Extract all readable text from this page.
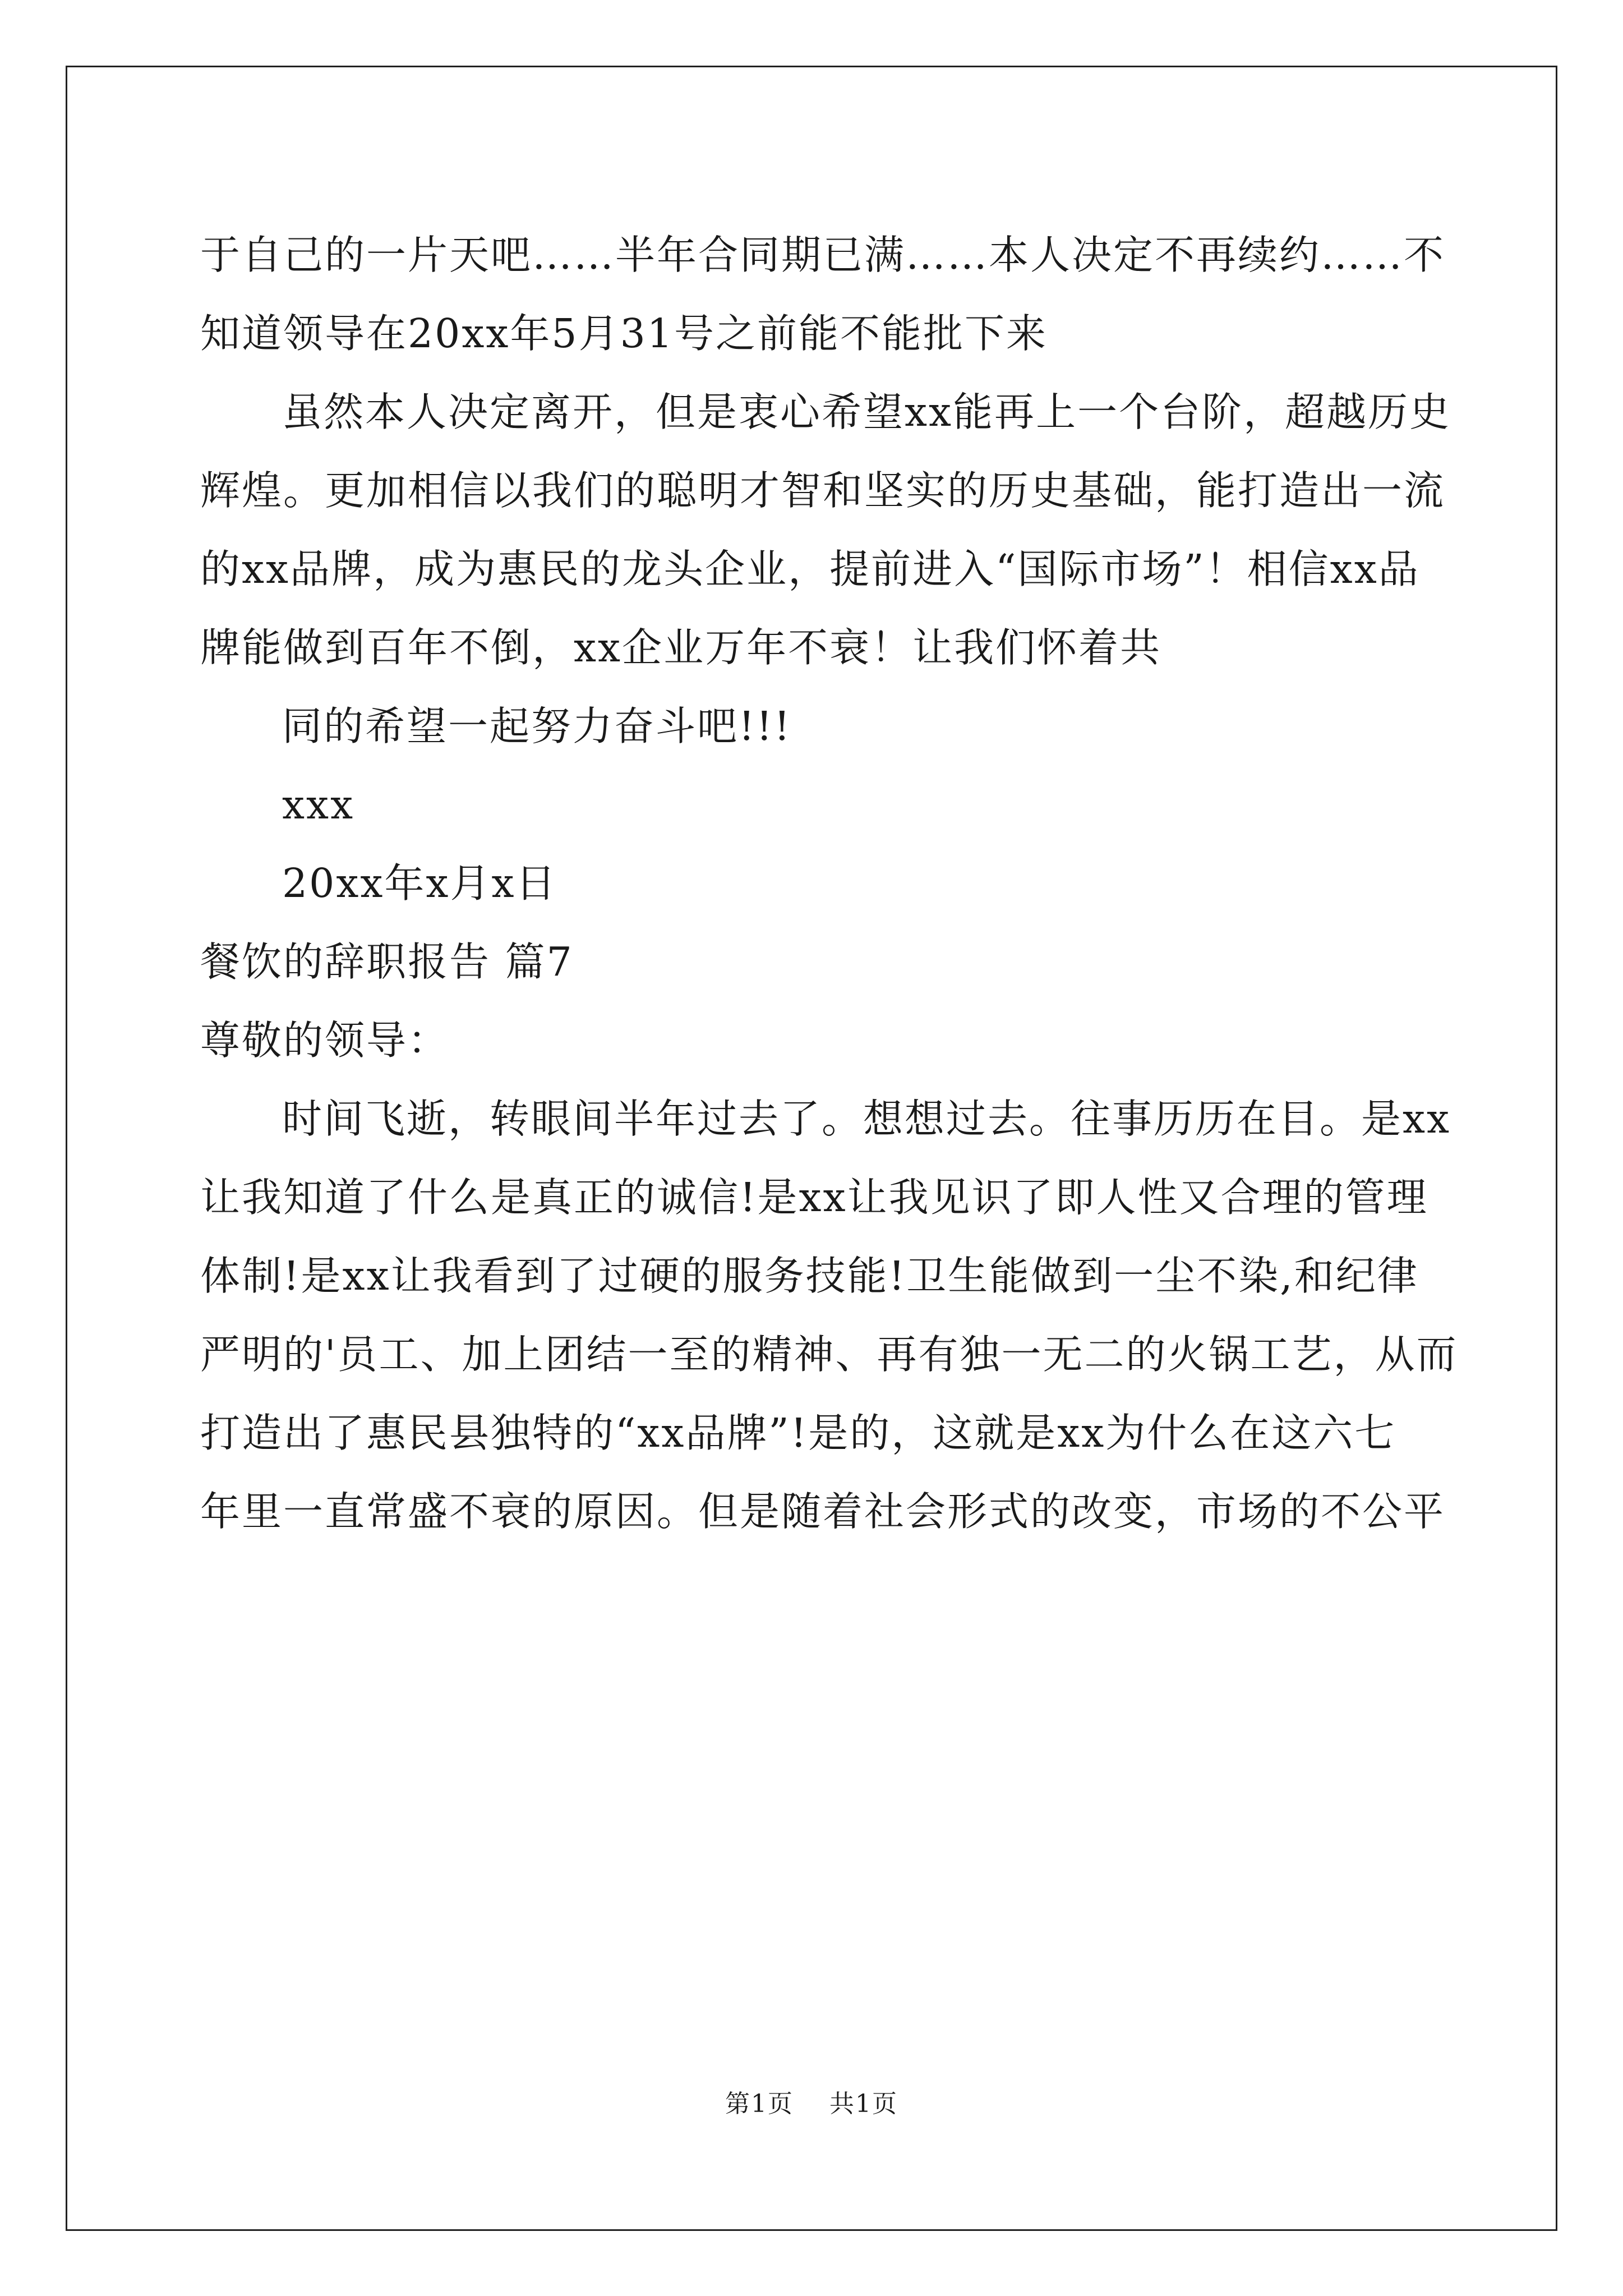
于自己的一片天吧……半年合同期已满……本人决定不再续约……不

知道领导在20xx年5月31号之前能不能批下来

虽然本人决定离开，但是衷心希望xx能再上一个台阶，超越历史

辉煌。更加相信以我们的聪明才智和坚实的历史基础，能打造出一流

的xx品牌，成为惠民的龙头企业，提前进入“国际市场”！相信xx品

牌能做到百年不倒，xx企业万年不衰！让我们怀着共

同的希望一起努力奋斗吧!!!

xxx

20xx年x月x日

餐饮的辞职报告 篇7

尊敬的领导：

时间飞逝，转眼间半年过去了。想想过去。往事历历在目。是xx

让我知道了什么是真正的诚信!是xx让我见识了即人性又合理的管理

体制!是xx让我看到了过硬的服务技能!卫生能做到一尘不染,和纪律

严明的'员工、加上团结一至的精神、再有独一无二的火锅工艺，从而

打造出了惠民县独特的“xx品牌”!是的，这就是xx为什么在这六七

年里一直常盛不衰的原因。但是随着社会形式的改变，市场的不公平

第1页 共1页
